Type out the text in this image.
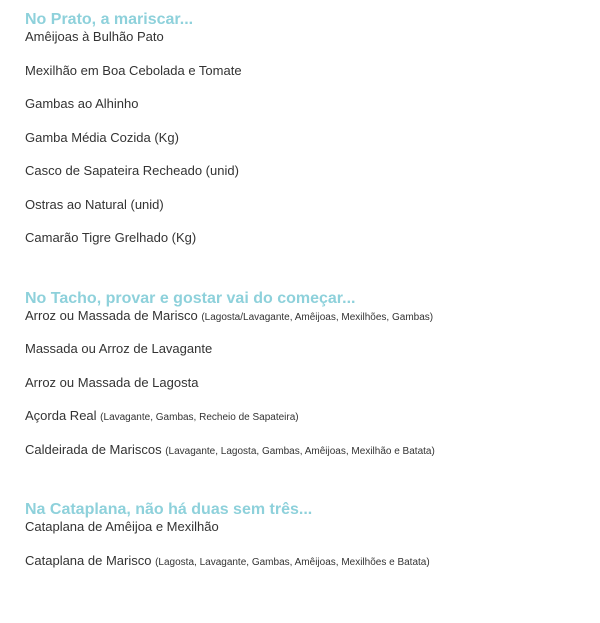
No Prato, a mariscar...
Amêijoas à Bulhão Pato
Mexilhão em Boa Cebolada e Tomate
Gambas ao Alhinho
Gamba Média Cozida (Kg)
Casco de Sapateira Recheado (unid)
Ostras ao Natural (unid)
Camarão Tigre Grelhado (Kg)
No Tacho, provar e gostar vai do começar...
Arroz ou Massada de Marisco (Lagosta/Lavagante, Amêijoas, Mexilhões, Gambas)
Massada ou Arroz de Lavagante
Arroz ou Massada de Lagosta
Açorda Real (Lavagante, Gambas, Recheio de Sapateira)
Caldeirada de Mariscos (Lavagante, Lagosta, Gambas, Amêijoas, Mexilhão e Batata)
Na Cataplana, não há duas sem três...
Cataplana de Amêijoa e Mexilhão
Cataplana de Marisco (Lagosta, Lavagante, Gambas, Amêijoas, Mexilhões e Batata)
